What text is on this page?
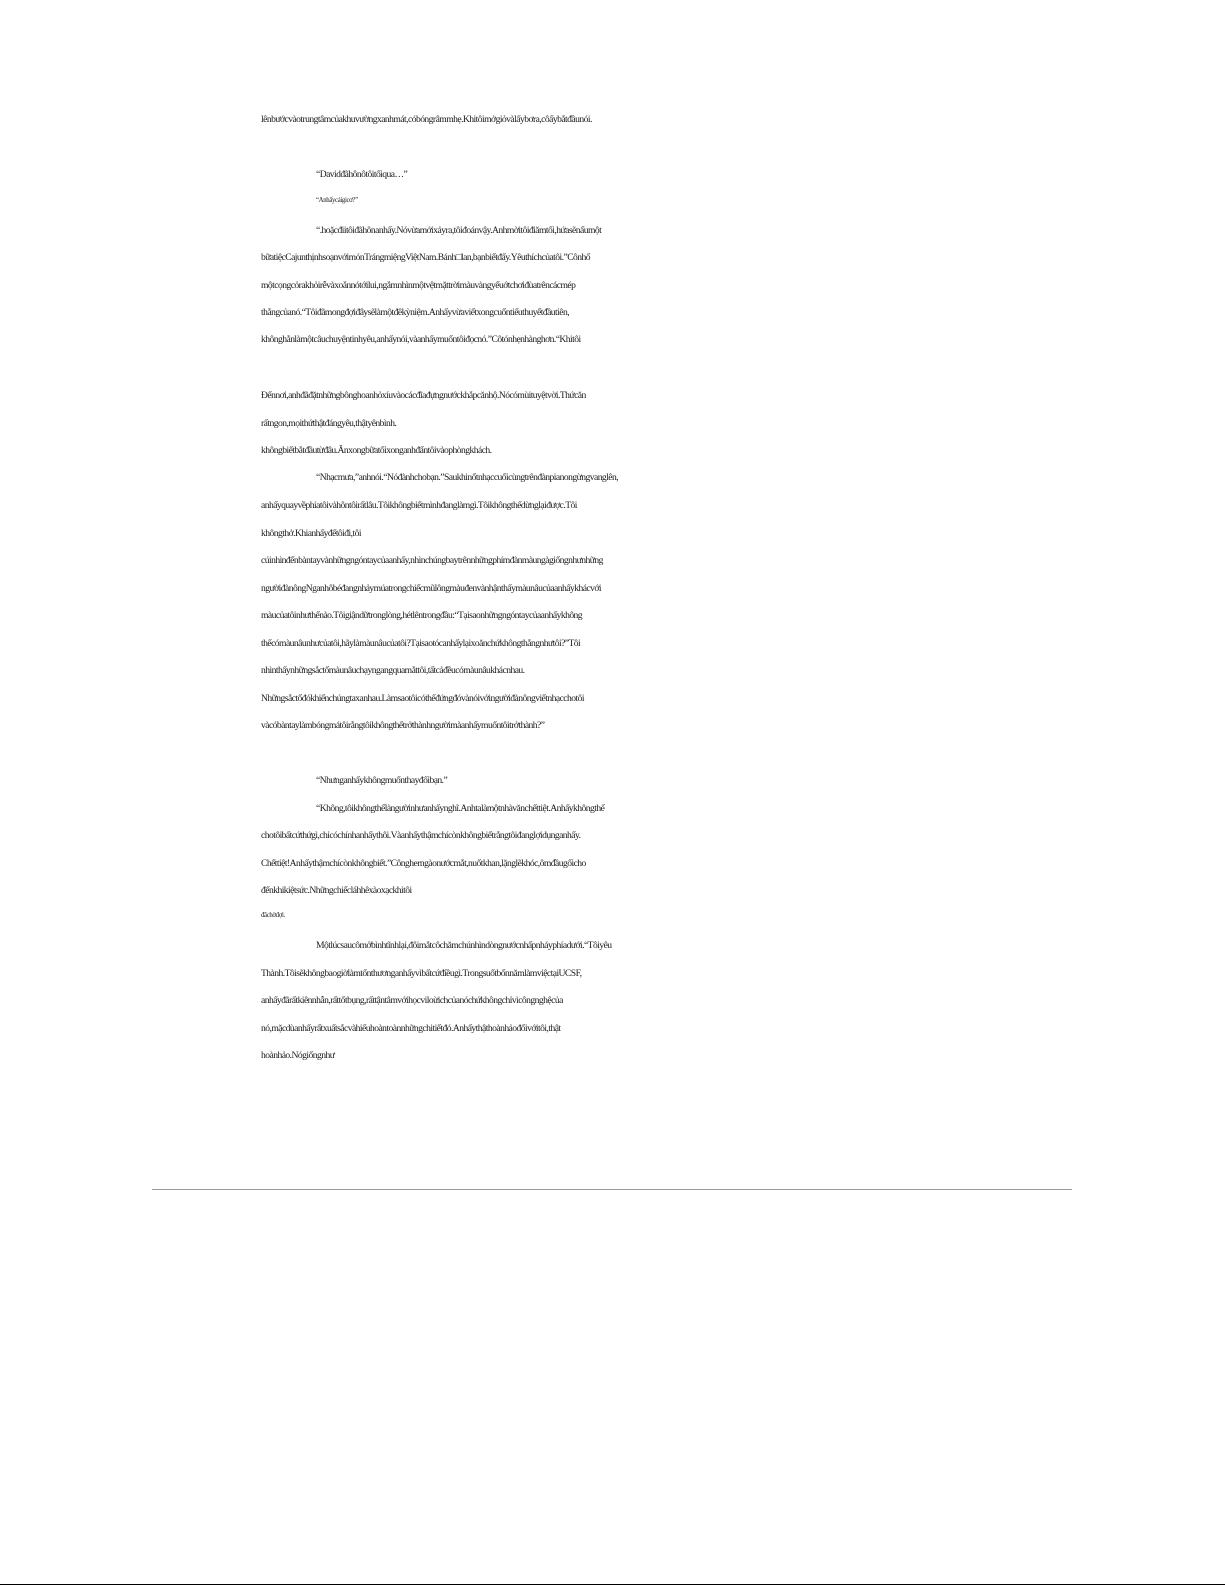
lênbướcvàotrungtâmcủakhuvườngxanhmát,cóbóngrâmmhẹ.Khitôimởgiỏvàlấybơra,côấybắtđầunói.
“Davidđãhônôtôitốiqua…”
“Anhấycảigicơ?”
“.hoặcđiitôiđãhônanhấy.Nóvừamớixảyra,tôiđoánvậy.Anhmờitôiđiămtối,hứasẽnấumột
bữatiệcCajunthịnhsoạnvớimónTrángmiệngViệtNam.Bánh□lan,bạnbiếtđấy.Yêuthíchcủatôi.”Cônhổ
mộtcọngcỏrakhỏirễvàxoắnnótớilui,ngắmnhìnmộtvệtmặttrờimàuvàngyếuớtchơiđùatrêncácmép
thẳngcủanó.“Tôiđãmongđợiđâysẽlàmộtđêkỳniệm.Anhấyvừaviếtxongcuốntiểuthuyếtđầutiên,
khônghẳnlàmộtcâuchuyệntinhyêu,anhấynói,vàanhấymuốntôiđọcnó.”Côtónhẹnhànghơn.“Khitôi
Đếnnơi,anhđãđặtnhữngbônghoanhỏxíuvàocácđĩađựngnướckhắpcănhộ.Nócómùituyệtvời.Thứcăn
rấtngon,mọithứthậtđángyêu,thậtyênbình.
khôngbiếtbắtđầutừđâu.Ănxongbữatốixonganhđẩntôivàophòngkhách.
“Nhạcmưa,”anhnói.“Nóđànhchobạn.”Saukhinốtnhạccuốicùngtrênđànpianongừngvanglên,
anhấyquayvềphíatôivàhôntôirấtlâu.Tôikhôngbiếtmìnhđanglàmgì.Tôikhôngthểdừnglạiđược.Tôi
khôngthở.Khianhấyđểtôiđi,tôi
cúinhìnđếnbàntayvànhữngngóntaycủaanhấy,nhìnchúngbaytrênnhữngphímđànmàungàgiốngnhưnhững
ngườiđànôngNganhôbéđangnhảymúatrongchiếcmũlôngmàuđenvànhậnthấymàunâucủaanhấykhácvới
màucủatôinhưthếnào.Tôigiậndữtronglòng,hétlêntrongđầu:“Tạisaonhữngngóntaycủaanhấykhông
thểcómàunâunhưcủatôi,hãylàmàunâucủatôi?Tạisaotócanhấylạixoănchứkhôngthẳngnhưtôi?”Tôi
nhìnthấynhữngsắctốmàunâuchạyngangquamắttôi,tấtcảđềucómàunâukhácnhau.
Nhữngsắctốđókhiếnchúngtaxanhau.Làmsaotôicóthểđứngđóvànóivớingườiđànôngviếtnhạcchotôi
vàcóbàntaylàmbóngmátôirằngtôikhôngthểtrởthànhngườimàanhấymuốntôitrởthành?”
“Nhưnganhấykhôngmuốnthayđổibạn.”
“Không,tôikhôngthểlàngườinhưanhấynghĩ.Anhtalàmộtnhàvănchếttiệt.Anhấykhôngthể
chotôibấtcứthứgì,chỉcóchínhanhấythôi.Vàanhấythậmchícònkhôngbiếtrằngtôiđanglợidụnganhấy.
Chếttiệt!Anhấythậmchícònkhôngbiết.”Côngherngàonướcmắt,nuốtkhan,lặnglẽkhóc,ômđầugốicho
đếnkhikiệtsức.Nhữngchiếcláhhêxàoxạckhitôi
đãchờđợi.
Mộtlúcsaucômởbìnhtĩnhlại,đôimắtcôchămchúnhìndòngnướcnhấpnháyphíadưới.“Tôiyêu
Thành.Tôisẽkhôngbaogiờlàmtổnthươnganhấyvìbấtcứđiềugì.TrongsuốtbốnnămlàmviệctạiUCSF,
anhấyđãrấtkiênnhẫn,rấttốtbụng,rấttậntâmvớihọcviloừichcủanóchứkhôngchỉvìcôngnghệcủa
nó,mặcdùanhấyrấtxuấtsắcvàhiểuhoàntoànnhữngchitiếtđó.Anhấythậthoànhảođốivớitôi,thật
hoànhảo.Nógiốngnhư
